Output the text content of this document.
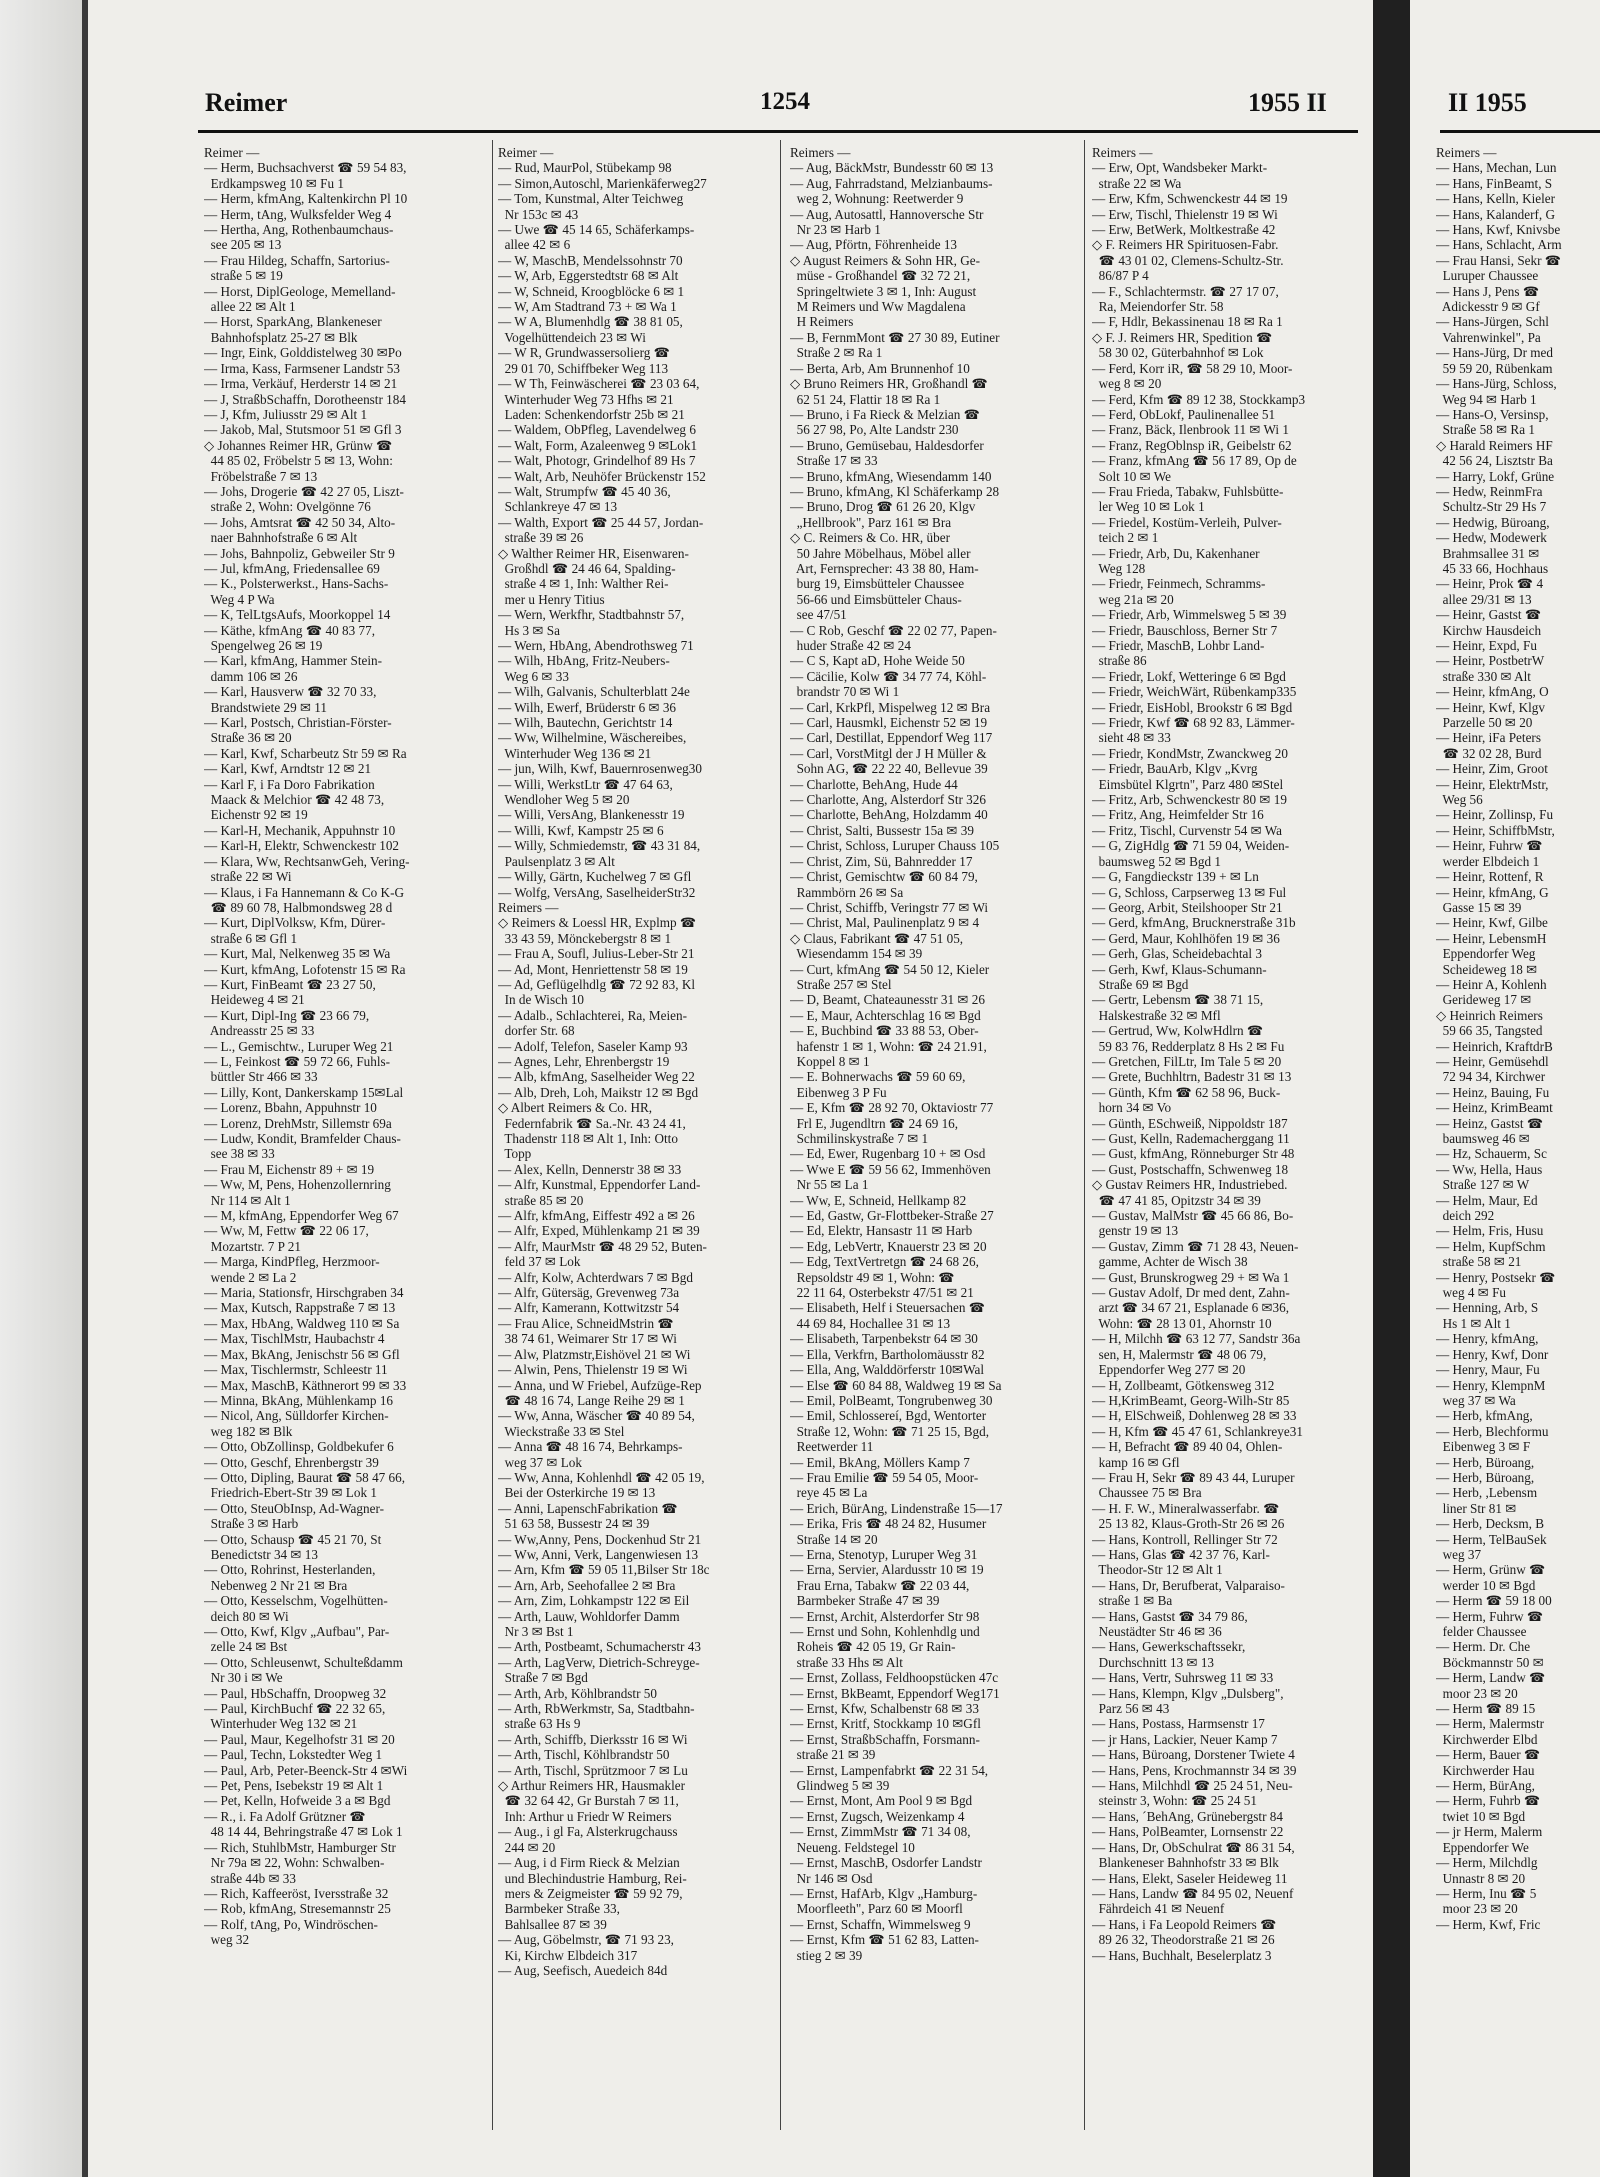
Reimer	1254	1955 II
Reimer —
— Herm, Buchsachverst ☎ 59 54 83,
Erdkampsweg 10 ✉ Fu 1
— Herm, kfmAng, Kaltenkirchn Pl 10
— Herm, tAng, Wulksfelder Weg 4
— Hertha, Ang, Rothenbaumchaus-
see 205 ✉ 13
— Frau Hildeg, Schaffn, Sartorius-
straße 5 ✉ 19
— Horst, DiplGeologe, Memelland-
allee 22 ✉ Alt 1
— Horst, SparkAng, Blankeneser
Bahnhofsplatz 25-27 ✉ Blk
— Ingr, Eink, Golddistelweg 30 ✉Po
— Irma, Kass, Farmsener Landstr 53
— Irma, Verkäuf, Herderstr 14 ✉ 21
— J, StraßbSchaffn, Dorotheenstr 184
— J, Kfm, Juliusstr 29 ✉ Alt 1
— Jakob, Mal, Stutsmoor 51 ✉ Gfl 3
◇ Johannes Reimer HR, Grünw ☎
44 85 02, Fröbelstr 5 ✉ 13, Wohn:
Fröbelstraße 7 ✉ 13
— Johs, Drogerie ☎ 42 27 05, Liszt-
straße 2, Wohn: Ovelgönne 76
— Johs, Amtsrat ☎ 42 50 34, Alto-
naer Bahnhofstraße 6 ✉ Alt
— Johs, Bahnpoliz, Gebweiler Str 9
— Jul, kfmAng, Friedensallee 69
— K., Polsterwerkst., Hans-Sachs-
Weg 4 P Wa
— K, TelLtgsAufs, Moorkoppel 14
— Käthe, kfmAng ☎ 40 83 77,
Spengelweg 26 ✉ 19
— Karl, kfmAng, Hammer Stein-
damm 106 ✉ 26
— Karl, Hausverw ☎ 32 70 33,
Brandstwiete 29 ✉ 11
— Karl, Postsch, Christian-Förster-
Straße 36 ✉ 20
— Karl, Kwf, Scharbeutz Str 59 ✉ Ra
— Karl, Kwf, Arndtstr 12 ✉ 21
— Karl F, i Fa Doro Fabrikation
Maack & Melchior ☎ 42 48 73,
Eichenstr 92 ✉ 19
— Karl-H, Mechanik, Appuhnstr 10
— Karl-H, Elektr, Schwenckestr 102
— Klara, Ww, RechtsanwGeh, Vering-
straße 22 ✉ Wi
— Klaus, i Fa Hannemann & Co K-G
☎ 89 60 78, Halbmondsweg 28 d
— Kurt, DiplVolksw, Kfm, Dürer-
straße 6 ✉ Gfl 1
— Kurt, Mal, Nelkenweg 35 ✉ Wa
— Kurt, kfmAng, Lofotenstr 15 ✉ Ra
— Kurt, FinBeamt ☎ 23 27 50,
Heideweg 4 ✉ 21
— Kurt, Dipl-Ing ☎ 23 66 79,
Andreasstr 25 ✉ 33
— L., Gemischtw., Luruper Weg 21
— L, Feinkost ☎ 59 72 66, Fuhls-
büttler Str 466 ✉ 33
— Lilly, Kont, Dankerskamp 15✉Lal
— Lorenz, Bbahn, Appuhnstr 10
— Lorenz, DrehMstr, Sillemstr 69a
— Ludw, Kondit, Bramfelder Chaus-
see 38 ✉ 33
— Frau M, Eichenstr 89 + ✉ 19
— Ww, M, Pens, Hohenzollernring
Nr 114 ✉ Alt 1
— M, kfmAng, Eppendorfer Weg 67
— Ww, M, Fettw ☎ 22 06 17,
Mozartstr. 7 P 21
— Marga, KindPfleg, Herzmoor-
wende 2 ✉ La 2
— Maria, Stationsfr, Hirschgraben 34
— Max, Kutsch, Rappstraße 7 ✉ 13
— Max, HbAng, Waldweg 110 ✉ Sa
— Max, TischlMstr, Haubachstr 4
— Max, BkAng, Jenischstr 56 ✉ Gfl
— Max, Tischlermstr, Schleestr 11
— Max, MaschB, Käthnerort 99 ✉ 33
— Minna, BkAng, Mühlenkamp 16
— Nicol, Ang, Sülldorfer Kirchen-
weg 182 ✉ Blk
— Otto, ObZollinsp, Goldbekufer 6
— Otto, Geschf, Ehrenbergstr 39
— Otto, Dipling, Baurat ☎ 58 47 66,
Friedrich-Ebert-Str 39 ✉ Lok 1
— Otto, SteuObInsp, Ad-Wagner-
Straße 3 ✉ Harb
— Otto, Schausp ☎ 45 21 70, St
Benedictstr 34 ✉ 13
— Otto, Rohrinst, Hesterlanden,
Nebenweg 2 Nr 21 ✉ Bra
— Otto, Kesselschm, Vogelhütten-
deich 80 ✉ Wi
— Otto, Kwf, Klgv „Aufbau", Par-
zelle 24 ✉ Bst
— Otto, Schleusenwt, Schulteßdamm
Nr 30 i ✉ We
— Paul, HbSchaffn, Droopweg 32
— Paul, KirchBuchf ☎ 22 32 65,
Winterhuder Weg 132 ✉ 21
— Paul, Maur, Kegelhofstr 31 ✉ 20
— Paul, Techn, Lokstedter Weg 1
— Paul, Arb, Peter-Beenck-Str 4 ✉Wi
— Pet, Pens, Isebekstr 19 ✉ Alt 1
— Pet, Kelln, Hofweide 3 a ✉ Bgd
— R., i. Fa Adolf Grützner ☎
48 14 44, Behringstraße 47 ✉ Lok 1
— Rich, StuhlbMstr, Hamburger Str
Nr 79a ✉ 22, Wohn: Schwalben-
straße 44b ✉ 33
— Rich, Kaffeeröst, Iversstraße 32
— Rob, kfmAng, Stresemannstr 25
— Rolf, tAng, Po, Windröschen-
weg 32
Reimer —
— Rud, MaurPol, Stübekamp 98
— Simon,Autoschl, Marienkäferweg27
— Tom, Kunstmal, Alter Teichweg
Nr 153c ✉ 43
— Uwe ☎ 45 14 65, Schäferkamps-
allee 42 ✉ 6
— W, MaschB, Mendelssohnstr 70
— W, Arb, Eggerstedtstr 68 ✉ Alt
— W, Schneid, Kroogblöcke 6 ✉ 1
— W, Am Stadtrand 73 + ✉ Wa 1
— W A, Blumenhdlg ☎ 38 81 05,
Vogelhüttendeich 23 ✉ Wi
— W R, Grundwassersolierg ☎
29 01 70, Schiffbeker Weg 113
— W Th, Feinwäscherei ☎ 23 03 64,
Winterhuder Weg 73 Hfhs ✉ 21
Laden: Schenkendorfstr 25b ✉ 21
— Waldem, ObPfleg, Lavendelweg 6
— Walt, Form, Azaleenweg 9 ✉Lok1
— Walt, Photogr, Grindelhof 89 Hs 7
— Walt, Arb, Neuhöfer Brückenstr 152
— Walt, Strumpfw ☎ 45 40 36,
Schlankreye 47 ✉ 13
— Walth, Export ☎ 25 44 57, Jordan-
straße 39 ✉ 26
◇ Walther Reimer HR, Eisenwaren-
Großhdl ☎ 24 46 64, Spalding-
straße 4 ✉ 1, Inh: Walther Rei-
mer u Henry Titius
— Wern, Werkfhr, Stadtbahnstr 57,
Hs 3 ✉ Sa
— Wern, HbAng, Abendrothsweg 71
— Wilh, HbAng, Fritz-Neubers-
Weg 6 ✉ 33
— Wilh, Galvanis, Schulterblatt 24e
— Wilh, Ewerf, Brüderstr 6 ✉ 36
— Wilh, Bautechn, Gerichtstr 14
— Ww, Wilhelmine, Wäschereibes,
Winterhuder Weg 136 ✉ 21
— jun, Wilh, Kwf, Bauernrosenweg30
— Willi, WerkstLtr ☎ 47 64 63,
Wendloher Weg 5 ✉ 20
— Willi, VersAng, Blankenesstr 19
— Willi, Kwf, Kampstr 25 ✉ 6
— Willy, Schmiedemstr, ☎ 43 31 84,
Paulsenplatz 3 ✉ Alt
— Willy, Gärtn, Kuchelweg 7 ✉ Gfl
— Wolfg, VersAng, SaselheiderStr32
Reimers —
◇ Reimers & Loessl HR, Explmp ☎
33 43 59, Mönckebergstr 8 ✉ 1
— Frau A, Soufl, Julius-Leber-Str 21
— Ad, Mont, Henriettenstr 58 ✉ 19
— Ad, Geflügelhdlg ☎ 72 92 83, Kl
In de Wisch 10
— Adalb., Schlachterei, Ra, Meien-
dorfer Str. 68
— Adolf, Telefon, Saseler Kamp 93
— Agnes, Lehr, Ehrenbergstr 19
— Alb, kfmAng, Saselheider Weg 22
— Alb, Dreh, Loh, Maikstr 12 ✉ Bgd
◇ Albert Reimers & Co. HR,
Federnfabrik ☎ Sa.-Nr. 43 24 41,
Thadenstr 118 ✉ Alt 1, Inh: Otto
Topp
— Alex, Kelln, Dennerstr 38 ✉ 33
— Alfr, Kunstmal, Eppendorfer Land-
straße 85 ✉ 20
— Alfr, kfmAng, Eiffestr 492 a ✉ 26
— Alfr, Exped, Mühlenkamp 21 ✉ 39
— Alfr, MaurMstr ☎ 48 29 52, Buten-
feld 37 ✉ Lok
— Alfr, Kolw, Achterdwars 7 ✉ Bgd
— Alfr, Gütersäg, Grevenweg 73a
— Alfr, Kamerann, Kottwitzstr 54
— Frau Alice, SchneidMstrin ☎
38 74 61, Weimarer Str 17 ✉ Wi
— Alw, Platzmstr,Eishövel 21 ✉ Wi
— Alwin, Pens, Thielenstr 19 ✉ Wi
— Anna, und W Friebel, Aufzüge-Rep
☎ 48 16 74, Lange Reihe 29 ✉ 1
— Ww, Anna, Wäscher ☎ 40 89 54,
Wieckstraße 33 ✉ Stel
— Anna ☎ 48 16 74, Behrkamps-
weg 37 ✉ Lok
— Ww, Anna, Kohlenhdl ☎ 42 05 19,
Bei der Osterkirche 19 ✉ 13
— Anni, LapenschFabrikation ☎
51 63 58, Bussestr 24 ✉ 39
— Ww,Anny, Pens, Dockenhud Str 21
— Ww, Anni, Verk, Langenwiesen 13
— Arn, Kfm ☎ 59 05 11,Bilser Str 18c
— Arn, Arb, Seehofallee 2 ✉ Bra
— Arn, Zim, Lohkampstr 122 ✉ Eil
— Arth, Lauw, Wohldorfer Damm
Nr 3 ✉ Bst 1
— Arth, Postbeamt, Schumacherstr 43
— Arth, LagVerw, Dietrich-Schreyge-
Straße 7 ✉ Bgd
— Arth, Arb, Köhlbrandstr 50
— Arth, RbWerkmstr, Sa, Stadtbahn-
straße 63 Hs 9
— Arth, Schiffb, Dierksstr 16 ✉ Wi
— Arth, Tischl, Köhlbrandstr 50
— Arth, Tischl, Sprützmoor 7 ✉ Lu
◇ Arthur Reimers HR, Hausmakler
☎ 32 64 42, Gr Burstah 7 ✉ 11,
Inh: Arthur u Friedr W Reimers
— Aug., i gl Fa, Alsterkrugchauss
244 ✉ 20
— Aug, i d Firm Rieck & Melzian
und Blechindustrie Hamburg, Rei-
mers & Zeigmeister ☎ 59 92 79,
Barmbeker Straße 33,
Bahlsallee 87 ✉ 39
— Aug, Göbelmstr, ☎ 71 93 23,
Ki, Kirchw Elbdeich 317
— Aug, Seefisch, Auedeich 84d
Reimers —
— Aug, BäckMstr, Bundesstr 60 ✉ 13
— Aug, Fahrradstand, Melzianbaums-
weg 2, Wohnung: Reetwerder 9
— Aug, Autosattl, Hannoversche Str
Nr 23 ✉ Harb 1
— Aug, Pförtn, Föhrenheide 13
◇ August Reimers & Sohn HR, Ge-
müse - Großhandel ☎ 32 72 21,
Springeltwiete 3 ✉ 1, Inh: August
M Reimers und Ww Magdalena
H Reimers
— B, FernmMont ☎ 27 30 89, Eutiner
Straße 2 ✉ Ra 1
— Berta, Arb, Am Brunnenhof 10
◇ Bruno Reimers HR, Großhandl ☎
62 51 24, Flattir 18 ✉ Ra 1
— Bruno, i Fa Rieck & Melzian ☎
56 27 98, Po, Alte Landstr 230
— Bruno, Gemüsebau, Haldesdorfer
Straße 17 ✉ 33
— Bruno, kfmAng, Wiesendamm 140
— Bruno, kfmAng, Kl Schäferkamp 28
— Bruno, Drog ☎ 61 26 20, Klgv
„Hellbrook", Parz 161 ✉ Bra
◇ C. Reimers & Co. HR, über
50 Jahre Möbelhaus, Möbel aller
Art, Fernsprecher: 43 38 80, Ham-
burg 19, Eimsbütteler Chaussee
56-66 und Eimsbütteler Chaus-
see 47/51
— C Rob, Geschf ☎ 22 02 77, Papen-
huder Straße 42 ✉ 24
— C S, Kapt aD, Hohe Weide 50
— Cäcilie, Kolw ☎ 34 77 74, Köhl-
brandstr 70 ✉ Wi 1
— Carl, KrkPfl, Mispelweg 12 ✉ Bra
— Carl, Hausmkl, Eichenstr 52 ✉ 19
— Carl, Destillat, Eppendorf Weg 117
— Carl, VorstMitgl der J H Müller &
Sohn AG, ☎ 22 22 40, Bellevue 39
— Charlotte, BehAng, Hude 44
— Charlotte, Ang, Alsterdorf Str 326
— Charlotte, BehAng, Holzdamm 40
— Christ, Salti, Bussestr 15a ✉ 39
— Christ, Schloss, Luruper Chauss 105
— Christ, Zim, Sü, Bahnredder 17
— Christ, Gemischtw ☎ 60 84 79,
Rammbörn 26 ✉ Sa
— Christ, Schiffb, Veringstr 77 ✉ Wi
— Christ, Mal, Paulinenplatz 9 ✉ 4
◇ Claus, Fabrikant ☎ 47 51 05,
Wiesendamm 154 ✉ 39
— Curt, kfmAng ☎ 54 50 12, Kieler
Straße 257 ✉ Stel
— D, Beamt, Chateaunesstr 31 ✉ 26
— E, Maur, Achterschlag 16 ✉ Bgd
— E, Buchbind ☎ 33 88 53, Ober-
hafenstr 1 ✉ 1, Wohn: ☎ 24 21.91,
Koppel 8 ✉ 1
— E. Bohnerwachs ☎ 59 60 69,
Eibenweg 3 P Fu
— E, Kfm ☎ 28 92 70, Oktaviostr 77
Frl E, Jugendltrn ☎ 24 69 16,
Schmilinskystraße 7 ✉ 1
— Ed, Ewer, Rugenbarg 10 + ✉ Osd
— Wwe E ☎ 59 56 62, Immenhöven
Nr 55 ✉ La 1
— Ww, E, Schneid, Hellkamp 82
— Ed, Gastw, Gr-Flottbeker-Straße 27
— Ed, Elektr, Hansastr 11 ✉ Harb
— Edg, LebVertr, Knauerstr 23 ✉ 20
— Edg, TextVertretgn ☎ 24 68 26,
Repsoldstr 49 ✉ 1, Wohn: ☎
22 11 64, Osterbekstr 47/51 ✉ 21
— Elisabeth, Helf i Steuersachen ☎
44 69 84, Hochallee 31 ✉ 13
— Elisabeth, Tarpenbekstr 64 ✉ 30
— Ella, Verkfrn, Bartholomäusstr 82
— Ella, Ang, Walddörferstr 10✉Wal
— Else ☎ 60 84 88, Waldweg 19 ✉ Sa
— Emil, PolBeamt, Tongrubenweg 30
— Emil, Schlossereí, Bgd, Wentorter
Straße 12, Wohn: ☎ 71 25 15, Bgd,
Reetwerder 11
— Emil, BkAng, Möllers Kamp 7
— Frau Emilie ☎ 59 54 05, Moor-
reye 45 ✉ La
— Erich, BürAng, Lindenstraße 15—17
— Erika, Fris ☎ 48 24 82, Husumer
Straße 14 ✉ 20
— Erna, Stenotyp, Luruper Weg 31
— Erna, Servier, Alardusstr 10 ✉ 19
Frau Erna, Tabakw ☎ 22 03 44,
Barmbeker Straße 47 ✉ 39
— Ernst, Archit, Alsterdorfer Str 98
— Ernst und Sohn, Kohlenhdlg und
Roheis ☎ 42 05 19, Gr Rain-
straße 33 Hhs ✉ Alt
— Ernst, Zollass, Feldhoopstücken 47c
— Ernst, BkBeamt, Eppendorf Weg171
— Ernst, Kfw, Schalbenstr 68 ✉ 33
— Ernst, Kritf, Stockkamp 10 ✉Gfl
— Ernst, StraßbSchaffn, Forsmann-
straße 21 ✉ 39
— Ernst, Lampenfabrkt ☎ 22 31 54,
Glindweg 5 ✉ 39
— Ernst, Mont, Am Pool 9 ✉ Bgd
— Ernst, Zugsch, Weizenkamp 4
— Ernst, ZimmMstr ☎ 71 34 08,
Neueng. Feldstegel 10
— Ernst, MaschB, Osdorfer Landstr
Nr 146 ✉ Osd
— Ernst, HafArb, Klgv „Hamburg-
Moorfleeth", Parz 60 ✉ Moorfl
— Ernst, Schaffn, Wimmelsweg 9
— Ernst, Kfm ☎ 51 62 83, Latten-
stieg 2 ✉ 39
Reimers —
— Erw, Opt, Wandsbeker Markt-
straße 22 ✉ Wa
— Erw, Kfm, Schwenckestr 44 ✉ 19
— Erw, Tischl, Thielenstr 19 ✉ Wi
— Erw, BetWerk, Moltkestraße 42
◇ F. Reimers HR Spirituosen-Fabr.
☎ 43 01 02, Clemens-Schultz-Str.
86/87 P 4
— F., Schlachtermstr. ☎ 27 17 07,
Ra, Meiendorfer Str. 58
— F, Hdlr, Bekassinenau 18 ✉ Ra 1
◇ F. J. Reimers HR, Spedition ☎
58 30 02, Güterbahnhof ✉ Lok
— Ferd, Korr iR, ☎ 58 29 10, Moor-
weg 8 ✉ 20
— Ferd, Kfm ☎ 89 12 38, Stockkamp3
— Ferd, ObLokf, Paulinenallee 51
— Franz, Bäck, Ilenbrook 11 ✉ Wi 1
— Franz, RegOblnsp iR, Geibelstr 62
— Franz, kfmAng ☎ 56 17 89, Op de
Solt 10 ✉ We
— Frau Frieda, Tabakw, Fuhlsbütte-
ler Weg 10 ✉ Lok 1
— Friedel, Kostüm-Verleih, Pulver-
teich 2 ✉ 1
— Friedr, Arb, Du, Kakenhaner
Weg 128
— Friedr, Feinmech, Schramms-
weg 21a ✉ 20
— Friedr, Arb, Wimmelsweg 5 ✉ 39
— Friedr, Bauschloss, Berner Str 7
— Friedr, MaschB, Lohbr Land-
straße 86
— Friedr, Lokf, Wetteringe 6 ✉ Bgd
— Friedr, WeichWärt, Rübenkamp335
— Friedr, EisHobl, Brookstr 6 ✉ Bgd
— Friedr, Kwf ☎ 68 92 83, Lämmer-
sieht 48 ✉ 33
— Friedr, KondMstr, Zwanckweg 20
— Friedr, BauArb, Klgv „Kvrg
Eimsbütel Klgrtn", Parz 480 ✉Stel
— Fritz, Arb, Schwenckestr 80 ✉ 19
— Fritz, Ang, Heimfelder Str 16
— Fritz, Tischl, Curvenstr 54 ✉ Wa
— G, ZigHdlg ☎ 71 59 04, Weiden-
baumsweg 52 ✉ Bgd 1
— G, Fangdieckstr 139 + ✉ Ln
— G, Schloss, Carpserweg 13 ✉ Ful
— Georg, Arbit, Steilshooper Str 21
— Gerd, kfmAng, Brucknerstraße 31b
— Gerd, Maur, Kohlhöfen 19 ✉ 36
— Gerh, Glas, Scheidebachtal 3
— Gerh, Kwf, Klaus-Schumann-
Straße 69 ✉ Bgd
— Gertr, Lebensm ☎ 38 71 15,
Halskestraße 32 ✉ Mfl
— Gertrud, Ww, KolwHdlrn ☎
59 83 76, Redderplatz 8 Hs 2 ✉ Fu
— Gretchen, FilLtr, Im Tale 5 ✉ 20
— Grete, Buchhltrn, Badestr 31 ✉ 13
— Günth, Kfm ☎ 62 58 96, Buck-
horn 34 ✉ Vo
— Günth, ESchweiß, Nippoldstr 187
— Gust, Kelln, Rademacherggang 11
— Gust, kfmAng, Rönneburger Str 48
— Gust, Postschaffn, Schwenweg 18
◇ Gustav Reimers HR, Industriebed.
☎ 47 41 85, Opitzstr 34 ✉ 39
— Gustav, MalMstr ☎ 45 66 86, Bo-
genstr 19 ✉ 13
— Gustav, Zimm ☎ 71 28 43, Neuen-
gamme, Achter de Wisch 38
— Gust, Brunskrogweg 29 + ✉ Wa 1
— Gustav Adolf, Dr med dent, Zahn-
arzt ☎ 34 67 21, Esplanade 6 ✉36,
Wohn: ☎ 28 13 01, Ahornstr 10
— H, Milchh ☎ 63 12 77, Sandstr 36a
sen, H, Malermstr ☎ 48 06 79,
Eppendorfer Weg 277 ✉ 20
— H, Zollbeamt, Götkensweg 312
— H,KrimBeamt, Georg-Wilh-Str 85
— H, ElSchweiß, Dohlenweg 28 ✉ 33
— H, Kfm ☎ 45 47 61, Schlankreye31
— H, Befracht ☎ 89 40 04, Ohlen-
kamp 16 ✉ Gfl
— Frau H, Sekr ☎ 89 43 44, Luruper
Chaussee 75 ✉ Bra
— H. F. W., Mineralwasserfabr. ☎
25 13 82, Klaus-Groth-Str 26 ✉ 26
— Hans, Kontroll, Rellinger Str 72
— Hans, Glas ☎ 42 37 76, Karl-
Theodor-Str 12 ✉ Alt 1
— Hans, Dr, Berufberat, Valparaiso-
straße 1 ✉ Ba
— Hans, Gastst ☎ 34 79 86,
Neustädter Str 46 ✉ 36
— Hans, Gewerkschaftssekr,
Durchschnitt 13 ✉ 13
— Hans, Vertr, Suhrsweg 11 ✉ 33
— Hans, Klempn, Klgv „Dulsberg",
Parz 56 ✉ 43
— Hans, Postass, Harmsenstr 17
— jr Hans, Lackier, Neuer Kamp 7
— Hans, Büroang, Dorstener Twiete 4
— Hans, Pens, Krochmannstr 34 ✉ 39
— Hans, Milchhdl ☎ 25 24 51, Neu-
steinstr 3, Wohn: ☎ 25 24 51
— Hans, ´BehAng, Grünebergstr 84
— Hans, PolBeamter, Lornsenstr 22
— Hans, Dr, ObSchulrat ☎ 86 31 54,
Blankeneser Bahnhofstr 33 ✉ Blk
— Hans, Elekt, Saseler Heideweg 11
— Hans, Landw ☎ 84 95 02, Neuenf
Fährdeich 41 ✉ Neuenf
— Hans, i Fa Leopold Reimers ☎
89 26 32, Theodorstraße 21 ✉ 26
— Hans, Buchhalt, Beselerplatz 3
II 1955
Reimers —
— Hans, Mechan, Lun
— Hans, FinBeamt, S
— Hans, Kelln, Kieler
— Hans, Kalanderf, G
— Hans, Kwf, Knivsbe
— Hans, Schlacht, Arm
— Frau Hansi, Sekr ☎
Luruper Chaussee
— Hans J, Pens ☎
Adickesstr 9 ✉ Gf
— Hans-Jürgen, Schl
Vahrenwinkel", Pa
— Hans-Jürg, Dr med
59 59 20, Rübenkam
— Hans-Jürg, Schloss,
Weg 94 ✉ Harb 1
— Hans-O, Versinsp,
Straße 58 ✉ Ra 1
◇ Harald Reimers HF
42 56 24, Lisztstr Ba
— Harry, Lokf, Grüne
— Hedw, ReinmFra
Schultz-Str 29 Hs 7
— Hedwig, Büroang,
— Hedw, Modewerk
Brahmsallee 31 ✉
45 33 66, Hochhaus
— Heinr, Prok ☎ 4
allee 29/31 ✉ 13
— Heinr, Gastst ☎
Kirchw Hausdeich
— Heinr, Expd, Fu
— Heinr, PostbetrW
straße 330 ✉ Alt
— Heinr, kfmAng, O
— Heinr, Kwf, Klgv
Parzelle 50 ✉ 20
— Heinr, iFa Peters
☎ 32 02 28, Burd
— Heinr, Zim, Groot
— Heinr, ElektrMstr,
Weg 56
— Heinr, Zollinsp, Fu
— Heinr, SchiffbMstr,
— Heinr, Fuhrw ☎
werder Elbdeich 1
— Heinr, Rottenf, R
— Heinr, kfmAng, G
Gasse 15 ✉ 39
— Heinr, Kwf, Gilbe
— Heinr, LebensmH
Eppendorfer Weg
Scheideweg 18 ✉
— Heinr A, Kohlenh
Gerideweg 17 ✉
◇ Heinrich Reimers
59 66 35, Tangsted
— Heinrich, KraftdrB
— Heinr, Gemüsehdl
72 94 34, Kirchwer
— Heinz, Bauing, Fu
— Heinz, KrimBeamt
— Heinz, Gastst ☎
baumsweg 46 ✉
— Hz, Schauerm, Sc
— Ww, Hella, Haus
Straße 127 ✉ W
— Helm, Maur, Ed
deich 292
— Helm, Fris, Husu
— Helm, KupfSchm
straße 58 ✉ 21
— Henry, Postsekr ☎
weg 4 ✉ Fu
— Henning, Arb, S
Hs 1 ✉ Alt 1
— Henry, kfmAng,
— Henry, Kwf, Donr
— Henry, Maur, Fu
— Henry, KlempnM
weg 37 ✉ Wa
— Herb, kfmAng,
— Herb, Blechformu
Eibenweg 3 ✉ F
— Herb, Büroang,
— Herb, Büroang,
— Herb, ,Lebensm
liner Str 81 ✉
— Herb, Decksm, B
— Herm, TelBauSek
weg 37
— Herm, Grünw ☎
werder 10 ✉ Bgd
— Herm ☎ 59 18 00
— Herm, Fuhrw ☎
felder Chaussee
— Herm. Dr. Che
Böckmannstr 50 ✉
— Herm, Landw ☎
moor 23 ✉ 20
— Herm ☎ 89 15
— Herm, Malermstr
Kirchwerder Elbd
— Herm, Bauer ☎
Kirchwerder Hau
— Herm, BürAng,
— Herm, Fuhrb ☎
twiet 10 ✉ Bgd
— jr Herm, Malerm
Eppendorfer We
— Herm, Milchdlg
Unnastr 8 ✉ 20
— Herm, Inu ☎ 5
moor 23 ✉ 20
— Herm, Kwf, Fric
